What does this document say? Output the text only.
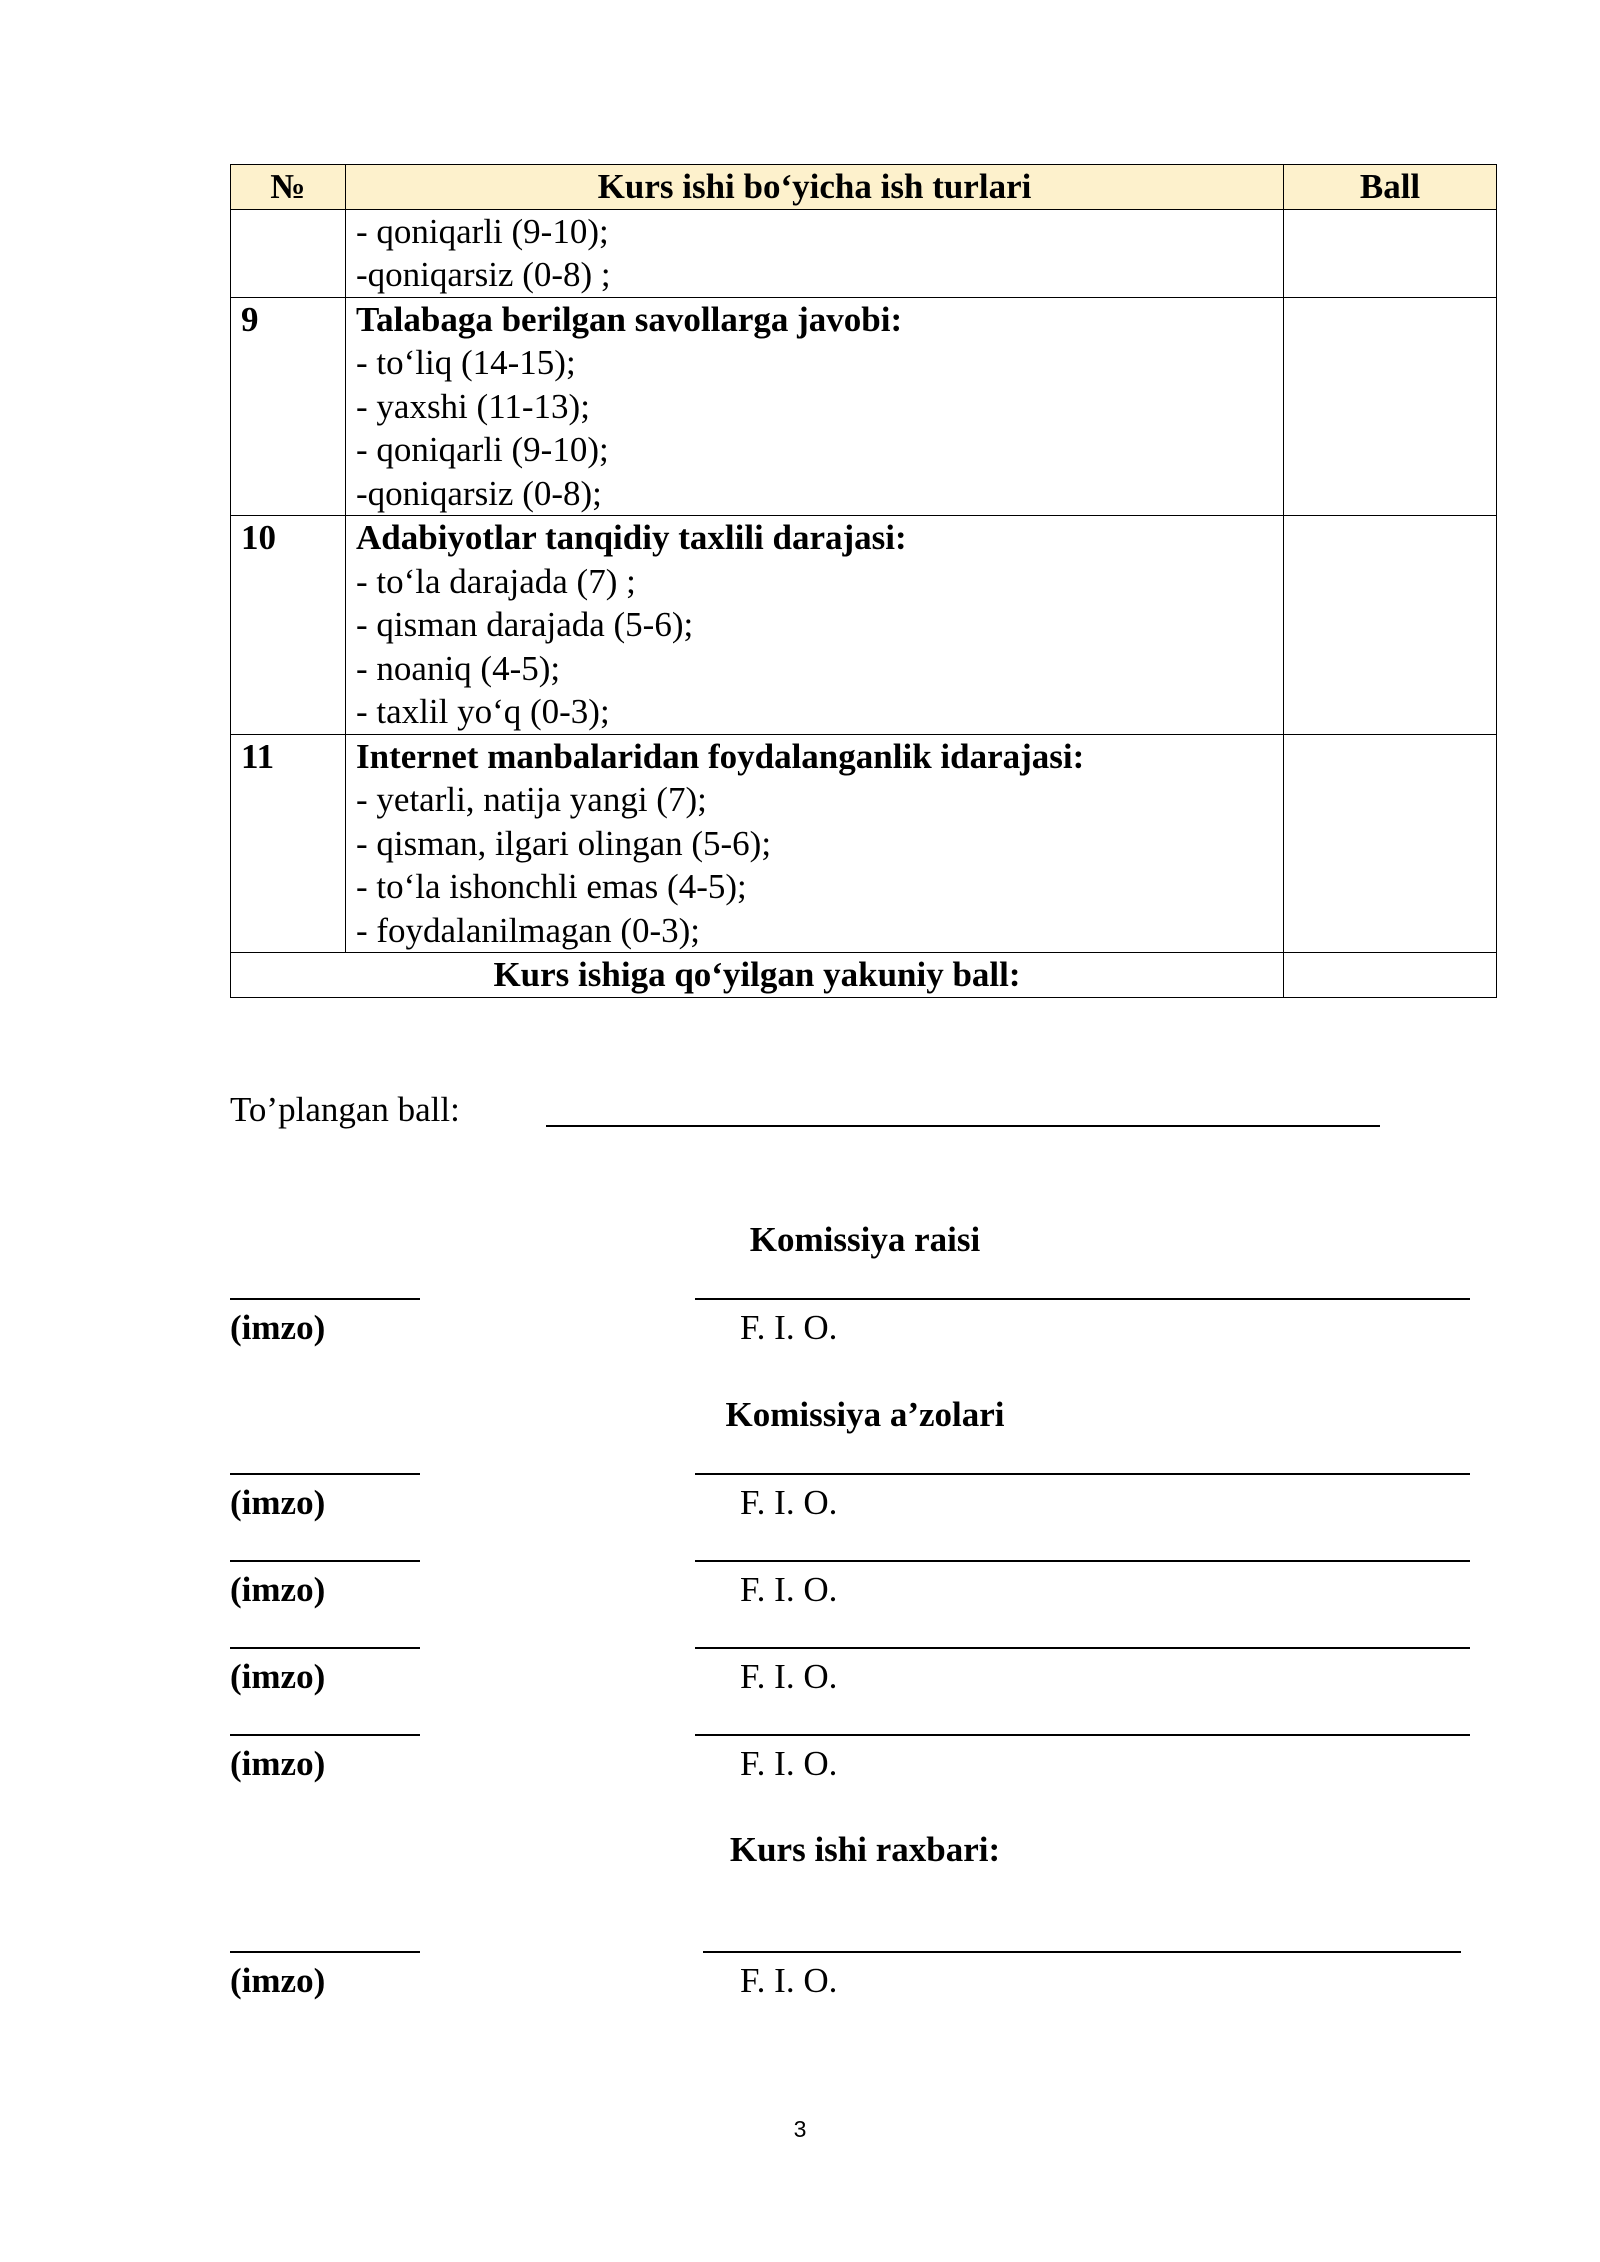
№	Kurs ishi bo‘yicha ish turlari	Ball

	- qoniqarli (9-10);
-qoniqarsiz (0-8) ;	

9	Talabaga berilgan savollarga javobi:
- to‘liq (14-15);
- yaxshi (11-13);
- qoniqarli (9-10);
-qoniqarsiz (0-8);	

10	Adabiyotlar tanqidiy taxlili darajasi:
- to‘la darajada (7) ;
- qisman darajada (5-6);
- noaniq (4-5);
- taxlil yo‘q (0-3);	

11	Internet manbalaridan foydalanganlik idarajasi:
- yetarli, natija yangi (7);
- qisman, ilgari olingan (5-6);
- to‘la ishonchli emas (4-5);
- foydalanilmagan (0-3);	

Kurs ishiga qo‘yilgan yakuniy ball:		
To’plangan ball:
Komissiya raisi
(imzo)	F. I. O.
Komissiya a’zolari
(imzo)	F. I. O.
(imzo)	F. I. O.
(imzo)	F. I. O.
(imzo)	F. I. O.
Kurs ishi raxbari:
(imzo)	F. I. O.
3
